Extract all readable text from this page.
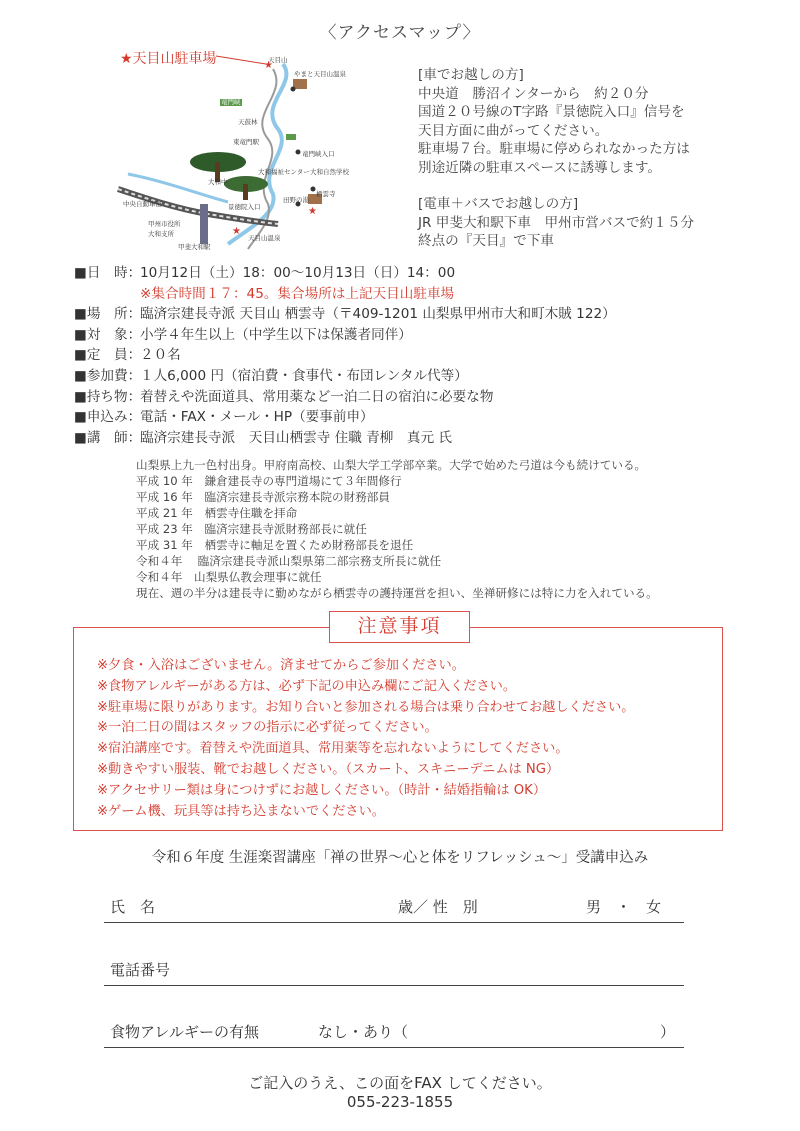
〈アクセスマップ〉
★
★
★
天目山
やまと天目山温泉
竜門峡
天鼓林
東竜門駅
竜門峡入口
大和福祉センター 大和自然学校
栖雲寺
田野の湯
甲州市役所
大和支所	天目山温泉
甲斐大和駅
中央自動車道
大和中
景徳院入口
★天目山駐車場

[車でお越しの方]

中央道　勝沼インターから　約２０分

国道２０号線のT字路『景徳院入口』信号を

天目方面に曲がってください。

駐車場７台。駐車場に停められなかった方は

別途近隣の駐車スペースに誘導します。

[電車＋バスでお越しの方]

JR 甲斐大和駅下車　甲州市営バスで約１５分

終点の『天目』で下車

■日　時：
10月12日（土）18：00～10月13日（日）14：00
※集合時間１７：45。集合場所は上記天目山駐車場
■場　所：
臨済宗建長寺派 天目山 栖雲寺（〒409-1201 山梨県甲州市大和町木賊 122）
■対　象：
小学４年生以上（中学生以下は保護者同伴）
■定　員：
２０名
■参加費：
１人6,000 円（宿泊費・食事代・布団レンタル代等）
■持ち物：
着替えや洗面道具、常用薬など一泊二日の宿泊に必要な物
■申込み：
電話・FAX・メール・HP（要事前申）
■講　師：
臨済宗建長寺派　天目山栖雲寺 住職 青柳　真元 氏
山梨県上九一色村出身。甲府南高校、山梨大学工学部卒業。大学で始めた弓道は今も続けている。
平成 10 年　鎌倉建長寺の専門道場にて３年間修行
平成 16 年　臨済宗建長寺派宗務本院の財務部員
平成 21 年　栖雲寺住職を拝命
平成 23 年　臨済宗建長寺派財務部長に就任
平成 31 年　栖雲寺に軸足を置くため財務部長を退任
令和４年　 臨済宗建長寺派山梨県第二部宗務支所長に就任
令和４年　山梨県仏教会理事に就任
現在、週の半分は建長寺に勤めながら栖雲寺の護持運営を担い、坐禅研修には特に力を入れている。
注意事項
※夕食・入浴はございません。済ませてからご参加ください。
※食物アレルギーがある方は、必ず下記の申込み欄にご記入ください。
※駐車場に限りがあります。お知り合いと参加される場合は乗り合わせてお越しください。
※一泊二日の間はスタッフの指示に必ず従ってください。
※宿泊講座です。着替えや洗面道具、常用薬等を忘れないようにしてください。
※動きやすい服装、靴でお越しください。（スカート、スキニーデニムは NG）
※アクセサリー類は身につけずにお越しください。（時計・結婚指輪は OK）
※ゲーム機、玩具等は持ち込まないでください。
令和６年度 生涯楽習講座「禅の世界～心と体をリフレッシュ～」受講申込み
氏　名	歳／ 性　別	男　・　女
電話番号
食物アレルギーの有無	なし・あり（	）
ご記入のうえ、この面をFAX してください。
055-223-1855
